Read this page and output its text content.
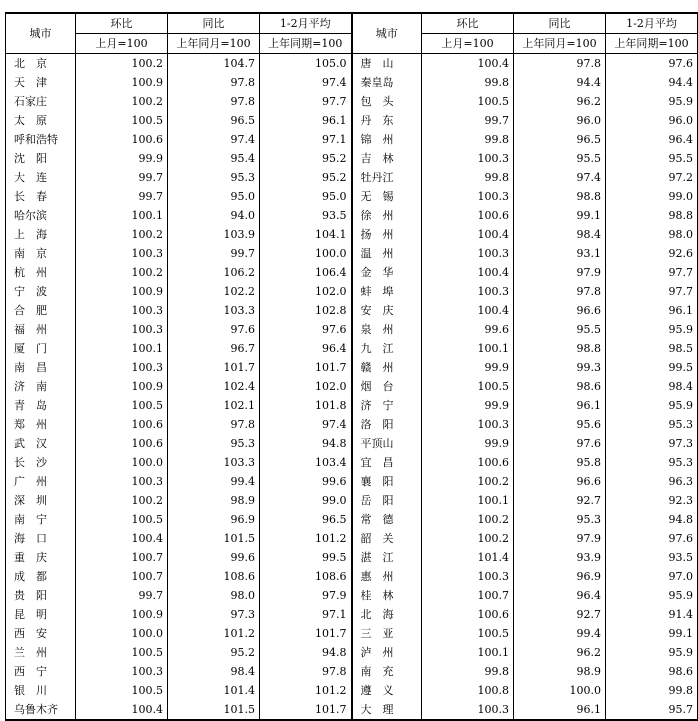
城市	环比	同比	1-2月平均	城市	环比	同比	1-2月平均
	上月=100	上年同月=100	上年同期=100		上月=100	上年同月=100	上年同期=100
北　京	100.2	104.7	105.0	唐　山	100.4	97.8	97.6
天　津	100.9	97.8	97.4	秦皇岛	99.8	94.4	94.4
石家庄	100.2	97.8	97.7	包　头	100.5	96.2	95.9
太　原	100.5	96.5	96.1	丹　东	99.7	96.0	96.0
呼和浩特	100.6	97.4	97.1	锦　州	99.8	96.5	96.4
沈　阳	99.9	95.4	95.2	吉　林	100.3	95.5	95.5
大　连	99.7	95.3	95.2	牡丹江	99.8	97.4	97.2
长　春	99.7	95.0	95.0	无　锡	100.3	98.8	99.0
哈尔滨	100.1	94.0	93.5	徐　州	100.6	99.1	98.8
上　海	100.2	103.9	104.1	扬　州	100.4	98.4	98.0
南　京	100.3	99.7	100.0	温　州	100.3	93.1	92.6
杭　州	100.2	106.2	106.4	金　华	100.4	97.9	97.7
宁　波	100.9	102.2	102.0	蚌　埠	100.3	97.8	97.7
合　肥	100.3	103.3	102.8	安　庆	100.4	96.6	96.1
福　州	100.3	97.6	97.6	泉　州	99.6	95.5	95.9
厦　门	100.1	96.7	96.4	九　江	100.1	98.8	98.5
南　昌	100.3	101.7	101.7	赣　州	99.9	99.3	99.5
济　南	100.9	102.4	102.0	烟　台	100.5	98.6	98.4
青　岛	100.5	102.1	101.8	济　宁	99.9	96.1	95.9
郑　州	100.6	97.8	97.4	洛　阳	100.3	95.6	95.3
武　汉	100.6	95.3	94.8	平顶山	99.9	97.6	97.3
长　沙	100.0	103.3	103.4	宜　昌	100.6	95.8	95.3
广　州	100.3	99.4	99.6	襄　阳	100.2	96.6	96.3
深　圳	100.2	98.9	99.0	岳　阳	100.1	92.7	92.3
南　宁	100.5	96.9	96.5	常　德	100.2	95.3	94.8
海　口	100.4	101.5	101.2	韶　关	100.2	97.9	97.6
重　庆	100.7	99.6	99.5	湛　江	101.4	93.9	93.5
成　都	100.7	108.6	108.6	惠　州	100.3	96.9	97.0
贵　阳	99.7	98.0	97.9	桂　林	100.7	96.4	95.9
昆　明	100.9	97.3	97.1	北　海	100.6	92.7	91.4
西　安	100.0	101.2	101.7	三　亚	100.5	99.4	99.1
兰　州	100.5	95.2	94.8	泸　州	100.1	96.2	95.9
西　宁	100.3	98.4	97.8	南　充	99.8	98.9	98.6
银　川	100.5	101.4	101.2	遵　义	100.8	100.0	99.8
乌鲁木齐	100.4	101.5	101.7	大　理	100.3	96.1	95.7
